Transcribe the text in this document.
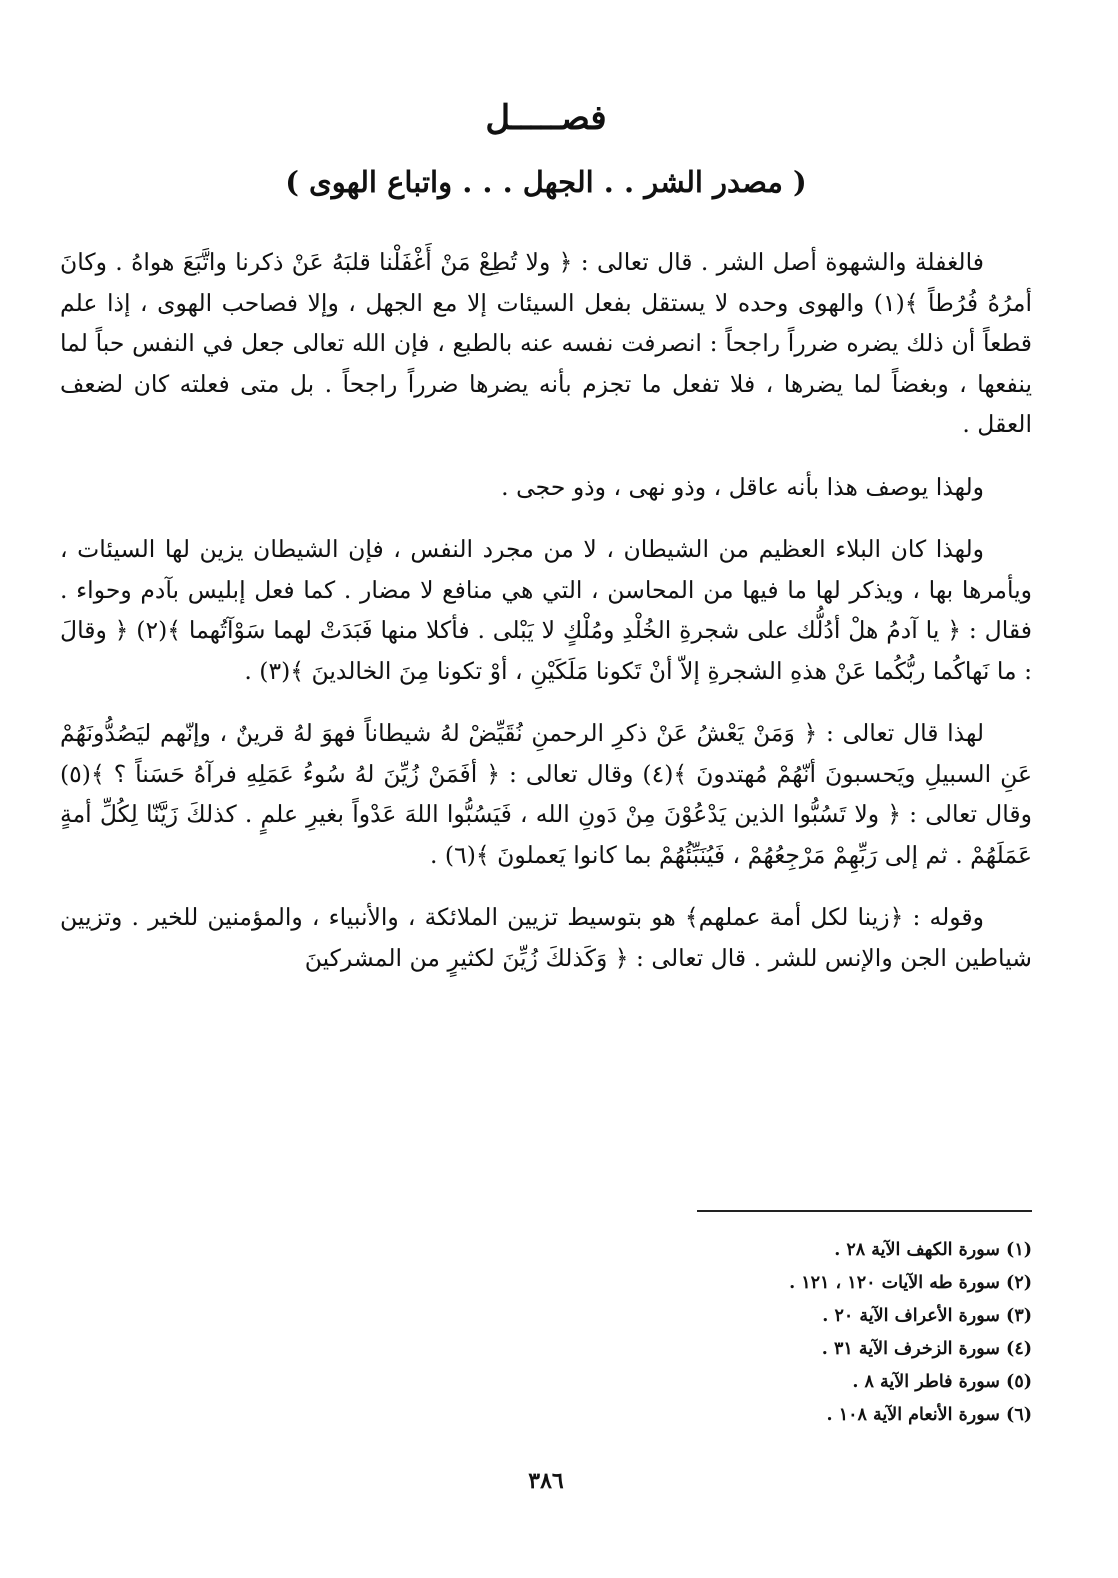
فصـــــل
( مصدر الشر . . الجهل . . . واتباع الهوى )

فالغفلة والشهوة أصل الشر . قال تعالى : ﴿ ولا تُطِعْ مَنْ أَغْفَلْنا قلبَهُ عَنْ ذكرنا واتَّبَعَ هواهُ . وكانَ أمرُهُ فُرُطاً ﴾(١) والهوى وحده لا يستقل بفعل السيئات إلا مع الجهل ، وإلا فصاحب الهوى ، إذا علم قطعاً أن ذلك يضره ضرراً راجحاً : انصرفت نفسه عنه بالطبع ، فإن الله تعالى جعل في النفس حباً لما ينفعها ، وبغضاً لما يضرها ، فلا تفعل ما تجزم بأنه يضرها ضرراً راجحاً . بل متى فعلته كان لضعف العقل .

ولهذا يوصف هذا بأنه عاقل ، وذو نهى ، وذو حجى .

ولهذا كان البلاء العظيم من الشيطان ، لا من مجرد النفس ، فإن الشيطان يزين لها السيئات ، ويأمرها بها ، ويذكر لها ما فيها من المحاسن ، التي هي منافع لا مضار . كما فعل إبليس بآدم وحواء . فقال : ﴿ يا آدمُ هلْ أدُلُّك على شجرةِ الخُلْدِ ومُلْكٍ لا يَبْلى . فأكلا منها فَبَدَتْ لهما سَوْآتُهما ﴾(٢) ﴿ وقالَ : ما نَهاكُما ربُّكُما عَنْ هذهِ الشجرةِ إلاّ أنْ تَكونا مَلَكَيْنِ ، أوْ تكونا مِنَ الخالدينَ ﴾(٣) .

لهذا قال تعالى : ﴿ وَمَنْ يَعْشُ عَنْ ذكرِ الرحمنِ نُقَيِّضْ لهُ شيطاناً فهوَ لهُ قرينٌ ، وإنّهم ليَصُدُّونَهُمْ عَنِ السبيلِ ويَحسبونَ أنّهُمْ مُهتدونَ ﴾(٤) وقال تعالى : ﴿ أفَمَنْ زُيِّنَ لهُ سُوءُ عَمَلِهِ فرآهُ حَسَناً ؟ ﴾(٥) وقال تعالى : ﴿ ولا تَسُبُّوا الذين يَدْعُوْنَ مِنْ دَونِ الله ، فَيَسُبُّوا اللهَ عَدْواً بغيرِ علمٍ . كذلكَ زَيَّنّا لِكُلِّ أمةٍ عَمَلَهُمْ . ثم إلى رَبِّهِمْ مَرْجِعُهُمْ ، فَيُنَبِّئُهُمْ بما كانوا يَعملونَ ﴾(٦) .

وقوله : ﴿زينا لكل أمة عملهم﴾ هو بتوسيط تزيين الملائكة ، والأنبياء ، والمؤمنين للخير . وتزيين شياطين الجن والإنس للشر . قال تعالى : ﴿ وَكَذلكَ زُيِّنَ لكثيرٍ من المشركينَ

(١) سورة الكهف الآية ٢٨ .
(٢) سورة طه الآيات ١٢٠ ، ١٢١ .
(٣) سورة الأعراف الآية ٢٠ .
(٤) سورة الزخرف الآية ٣١ .
(٥) سورة فاطر الآية ٨ .
(٦) سورة الأنعام الآية ١٠٨ .
٣٨٦
